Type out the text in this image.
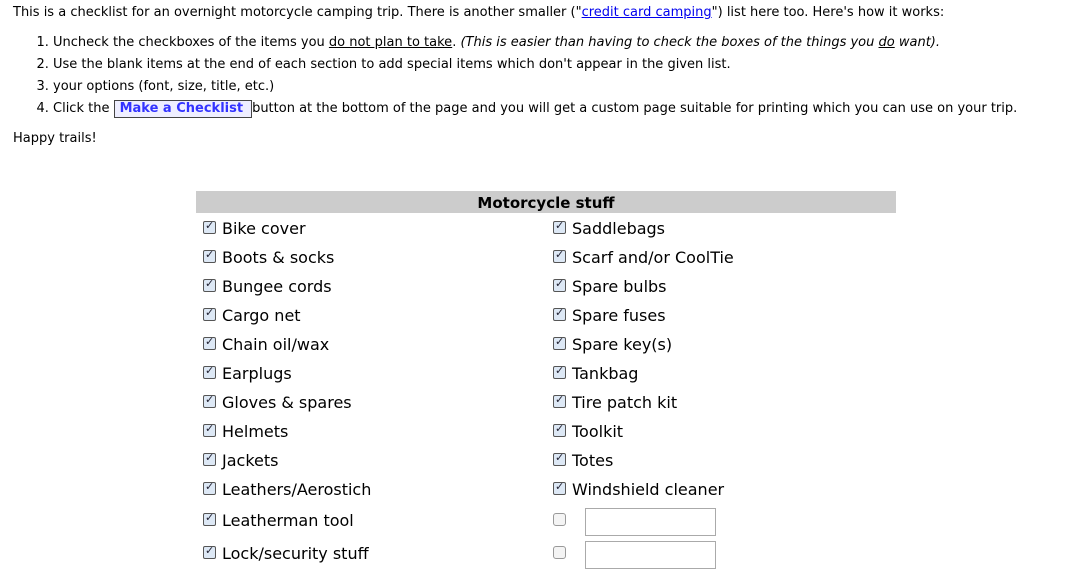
This is a checklist for an overnight motorcycle camping trip. There is another smaller ("credit card camping") list here too. Here's how it works:
1. Uncheck the checkboxes of the items you do not plan to take. (This is easier than having to check the boxes of the things you do want).
2. Use the blank items at the end of each section to add special items which don't appear in the given list.
3. your options (font, size, title, etc.)
4. Click the Make a Checklist button at the bottom of the page and you will get a custom page suitable for printing which you can use on your trip.
Happy trails!
Motorcycle stuff
✓Bike cover
✓Boots & socks
✓Bungee cords
✓Cargo net
✓Chain oil/wax
✓Earplugs
✓Gloves & spares
✓Helmets
✓Jackets
✓Leathers/Aerostich
✓Leatherman tool
✓Lock/security stuff
✓Saddlebags
✓Scarf and/or CoolTie
✓Spare bulbs
✓Spare fuses
✓Spare key(s)
✓Tankbag
✓Tire patch kit
✓Toolkit
✓Totes
✓Windshield cleaner
